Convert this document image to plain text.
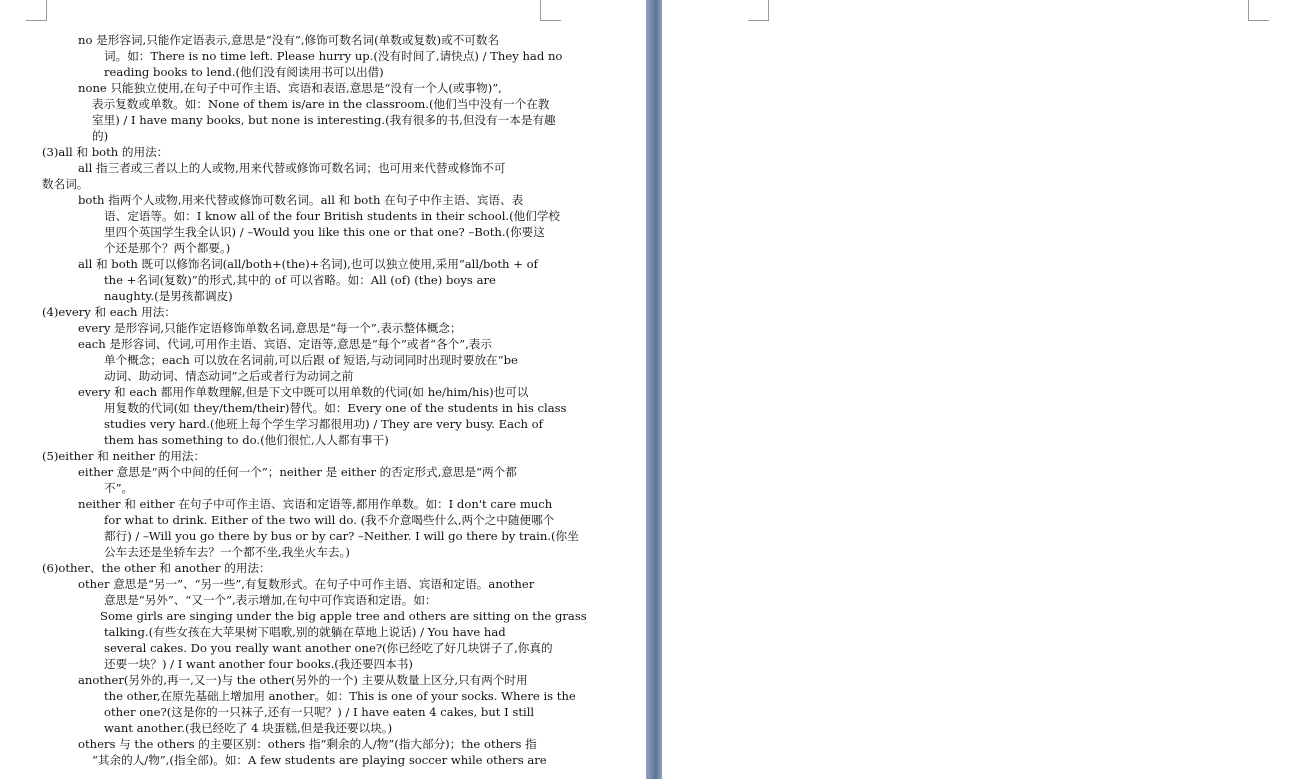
no 是形容词,只能作定语表示,意思是“没有”,修饰可数名词(单数或复数)或不可数名
词。如：There is no time left. Please hurry up.(没有时间了,请快点) / They had no
reading books to lend.(他们没有阅读用书可以出借)
none 只能独立使用,在句子中可作主语、宾语和表语,意思是“没有一个人(或事物)”,
表示复数或单数。如：None of them is/are in the classroom.(他们当中没有一个在教
室里) / I have many books, but none is interesting.(我有很多的书,但没有一本是有趣
的)
(3)all 和 both 的用法：
all 指三者或三者以上的人或物,用来代替或修饰可数名词；也可用来代替或修饰不可
数名词。
both 指两个人或物,用来代替或修饰可数名词。all 和 both 在句子中作主语、宾语、表
语、定语等。如：I know all of the four British students in their school.(他们学校
里四个英国学生我全认识) / –Would you like this one or that one? –Both.(你要这
个还是那个？两个都要。)
all 和 both 既可以修饰名词(all/both+(the)+名词),也可以独立使用,采用“all/both + of
the +名词(复数)”的形式,其中的 of 可以省略。如：All (of) (the) boys are
naughty.(是男孩都调皮)
(4)every 和 each 用法：
every 是形容词,只能作定语修饰单数名词,意思是“每一个”,表示整体概念；
each 是形容词、代词,可用作主语、宾语、定语等,意思是“每个”或者“各个”,表示
单个概念；each 可以放在名词前,可以后跟 of 短语,与动词同时出现时要放在“be
动词、助动词、情态动词”之后或者行为动词之前
every 和 each 都用作单数理解,但是下文中既可以用单数的代词(如 he/him/his)也可以
用复数的代词(如 they/them/their)替代。如：Every one of the students in his class
studies very hard.(他班上每个学生学习都很用功) / They are very busy. Each of
them has something to do.(他们很忙,人人都有事干)
(5)either 和 neither 的用法：
either 意思是“两个中间的任何一个”；neither 是 either 的否定形式,意思是“两个都
不”。
neither 和 either 在句子中可作主语、宾语和定语等,都用作单数。如：I don't care much
for what to drink. Either of the two will do. (我不介意喝些什么,两个之中随便哪个
都行) / –Will you go there by bus or by car? –Neither. I will go there by train.(你坐
公车去还是坐轿车去？一个都不坐,我坐火车去。)
(6)other、the other 和 another 的用法：
other 意思是“另一”、“另一些”,有复数形式。在句子中可作主语、宾语和定语。another
意思是“另外”、“又一个”,表示增加,在句中可作宾语和定语。如：
Some girls are singing under the big apple tree and others are sitting on the grass
talking.(有些女孩在大苹果树下唱歌,别的就躺在草地上说话) / You have had
several cakes. Do you really want another one?(你已经吃了好几块饼子了,你真的
还要一块？) / I want another four books.(我还要四本书)
another(另外的,再一,又一)与 the other(另外的一个) 主要从数量上区分,只有两个时用
the other,在原先基础上增加用 another。如：This is one of your socks. Where is the
other one?(这是你的一只袜子,还有一只呢？) / I have eaten 4 cakes, but I still
want another.(我已经吃了 4 块蛋糕,但是我还要以块。)
others 与 the others 的主要区别：others 指“剩余的人/物”(指大部分)；the others 指
“其余的人/物”,(指全部)。如：A few students are playing soccer while others are
